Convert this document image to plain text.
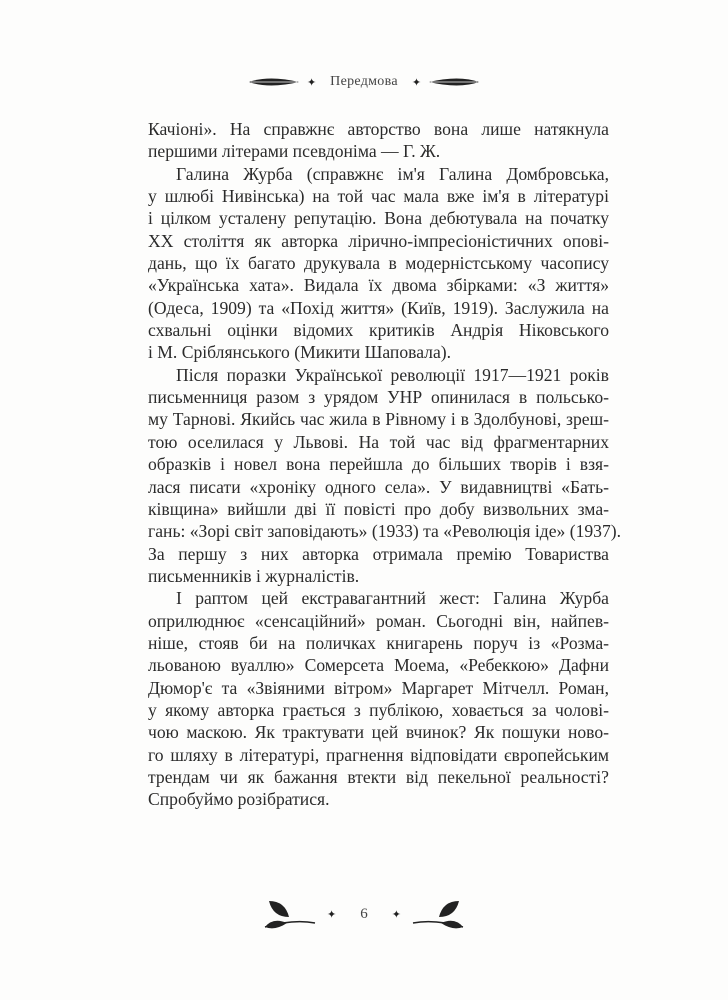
✦ Передмова ✦
Качіоні». На справжнє авторство вона лише натякнула
першими літерами псевдоніма — Г. Ж.
Галина Журба (справжнє ім'я Галина Домбровська,
у шлюбі Нивінська) на той час мала вже ім'я в літературі
і цілком усталену репутацію. Вона дебютувала на початку
ХХ століття як авторка лірично-імпресіоністичних опові-
дань, що їх багато друкувала в модерністському часопису
«Українська хата». Видала їх двома збірками: «З життя»
(Одеса, 1909) та «Похід життя» (Київ, 1919). Заслужила на
схвальні оцінки відомих критиків Андрія Ніковського
і М. Сріблянського (Микити Шаповала).
Після поразки Української революції 1917—1921 років
письменниця разом з урядом УНР опинилася в польсько-
му Тарнові. Якийсь час жила в Рівному і в Здолбунові, зреш-
тою оселилася у Львові. На той час від фрагментарних
образків і новел вона перейшла до більших творів і взя-
лася писати «хроніку одного села». У видавництві «Бать-
ківщина» вийшли дві її повісті про добу визвольних зма-
гань: «Зорі світ заповідають» (1933) та «Революція іде» (1937).
За першу з них авторка отримала премію Товариства
письменників і журналістів.
І раптом цей екстравагантний жест: Галина Журба
оприлюднює «сенсаційний» роман. Сьогодні він, найпев-
ніше, стояв би на поличках книгарень поруч із «Розма-
льованою вуаллю» Сомерсета Моема, «Ребеккою» Дафни
Дюмор'є та «Звіяними вітром» Маргарет Мітчелл. Роман,
у якому авторка грається з публікою, ховається за чолові-
чою маскою. Як трактувати цей вчинок? Як пошуки ново-
го шляху в літературі, прагнення відповідати європейським
трендам чи як бажання втекти від пекельної реальності?
Спробуймо розібратися.
✦ 6 ✦
